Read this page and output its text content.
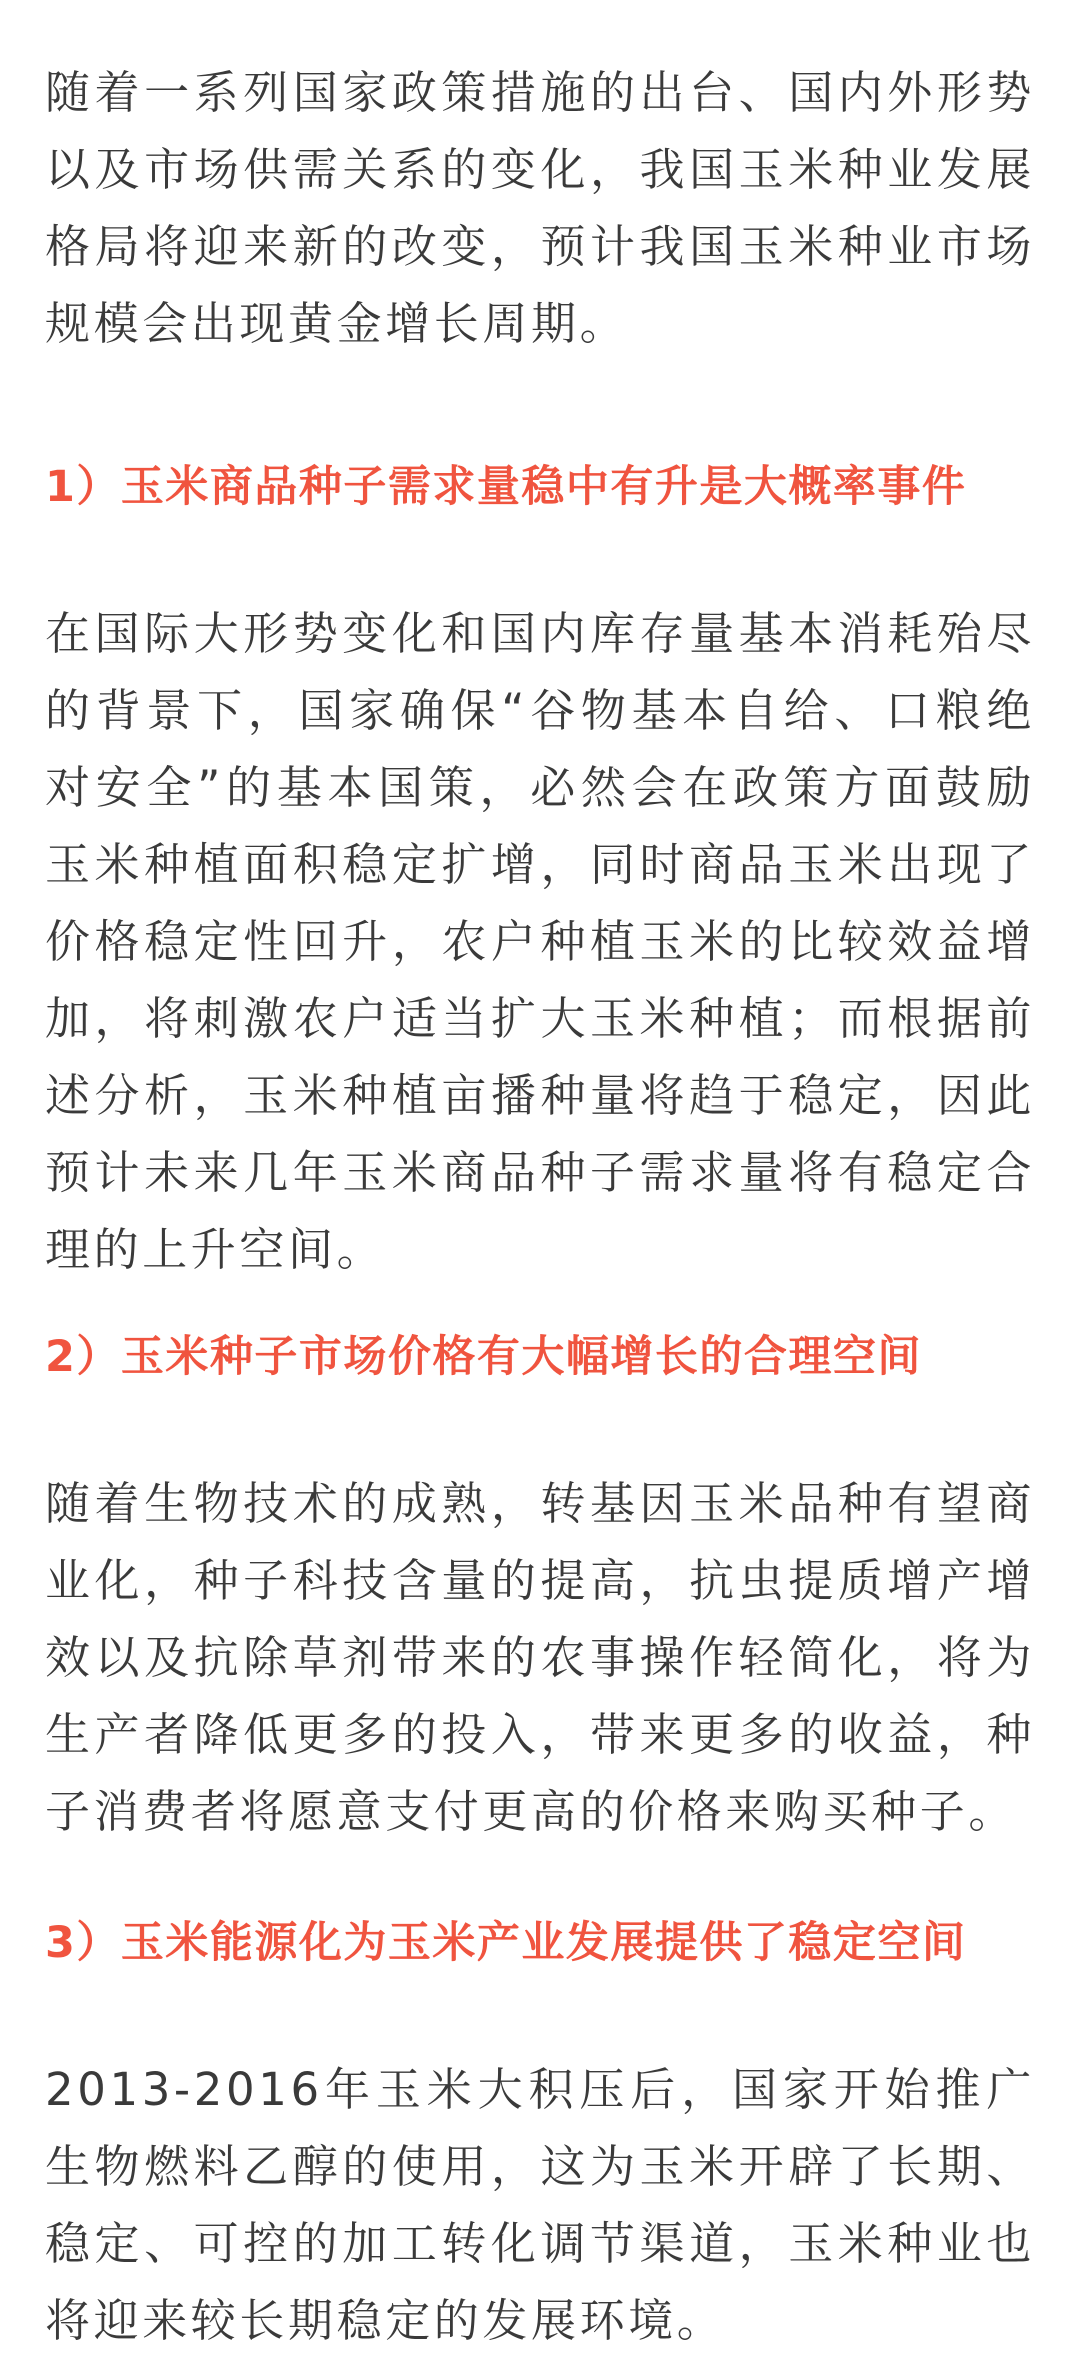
随着一系列国家政策措施的出台、国内外形势以及市场供需关系的变化，我国玉米种业发展格局将迎来新的改变，预计我国玉米种业市场规模会出现黄金增长周期。

1）玉米商品种子需求量稳中有升是大概率事件

在国际大形势变化和国内库存量基本消耗殆尽的背景下，国家确保“谷物基本自给、口粮绝对安全”的基本国策，必然会在政策方面鼓励玉米种植面积稳定扩增，同时商品玉米出现了价格稳定性回升，农户种植玉米的比较效益增加，将刺激农户适当扩大玉米种植；而根据前述分析，玉米种植亩播种量将趋于稳定，因此预计未来几年玉米商品种子需求量将有稳定合理的上升空间。

2）玉米种子市场价格有大幅增长的合理空间

随着生物技术的成熟，转基因玉米品种有望商业化，种子科技含量的提高，抗虫提质增产增效以及抗除草剂带来的农事操作轻简化，将为生产者降低更多的投入，带来更多的收益，种子消费者将愿意支付更高的价格来购买种子。

3）玉米能源化为玉米产业发展提供了稳定空间

2013-2016年玉米大积压后，国家开始推广生物燃料乙醇的使用，这为玉米开辟了长期、稳定、可控的加工转化调节渠道，玉米种业也将迎来较长期稳定的发展环境。
